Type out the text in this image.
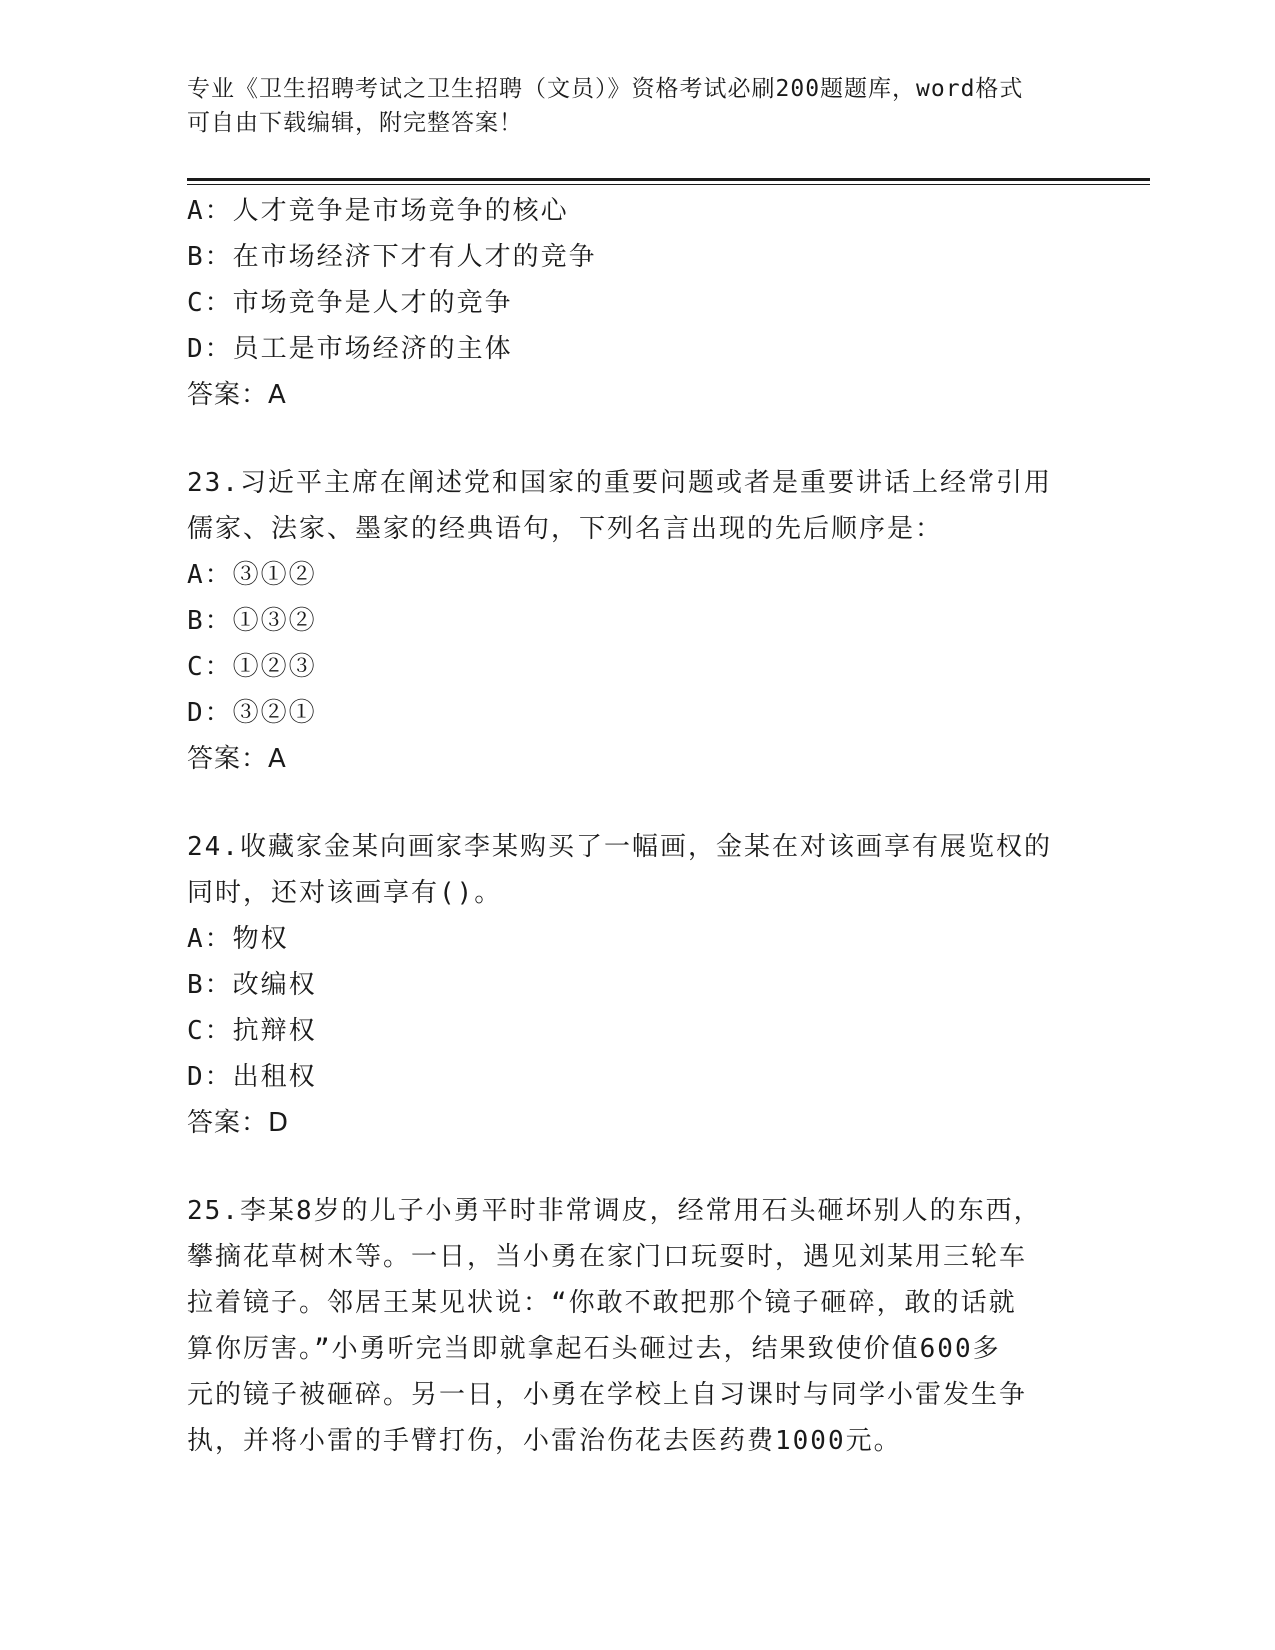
专业《卫生招聘考试之卫生招聘（文员）》资格考试必刷200题题库，word格式
可自由下载编辑，附完整答案！
A：人才竞争是市场竞争的核心
B：在市场经济下才有人才的竞争
C：市场竞争是人才的竞争
D：员工是市场经济的主体
答案：A
23.习近平主席在阐述党和国家的重要问题或者是重要讲话上经常引用
儒家、法家、墨家的经典语句，下列名言出现的先后顺序是：
A：③①②
B：①③②
C：①②③
D：③②①
答案：A
24.收藏家金某向画家李某购买了一幅画，金某在对该画享有展览权的
同时，还对该画享有()。
A：物权
B：改编权
C：抗辩权
D：出租权
答案：D
25.李某8岁的儿子小勇平时非常调皮，经常用石头砸坏别人的东西，
攀摘花草树木等。一日，当小勇在家门口玩耍时，遇见刘某用三轮车
拉着镜子。邻居王某见状说：“你敢不敢把那个镜子砸碎，敢的话就
算你厉害。”小勇听完当即就拿起石头砸过去，结果致使价值600多
元的镜子被砸碎。另一日，小勇在学校上自习课时与同学小雷发生争
执，并将小雷的手臂打伤，小雷治伤花去医药费1000元。
